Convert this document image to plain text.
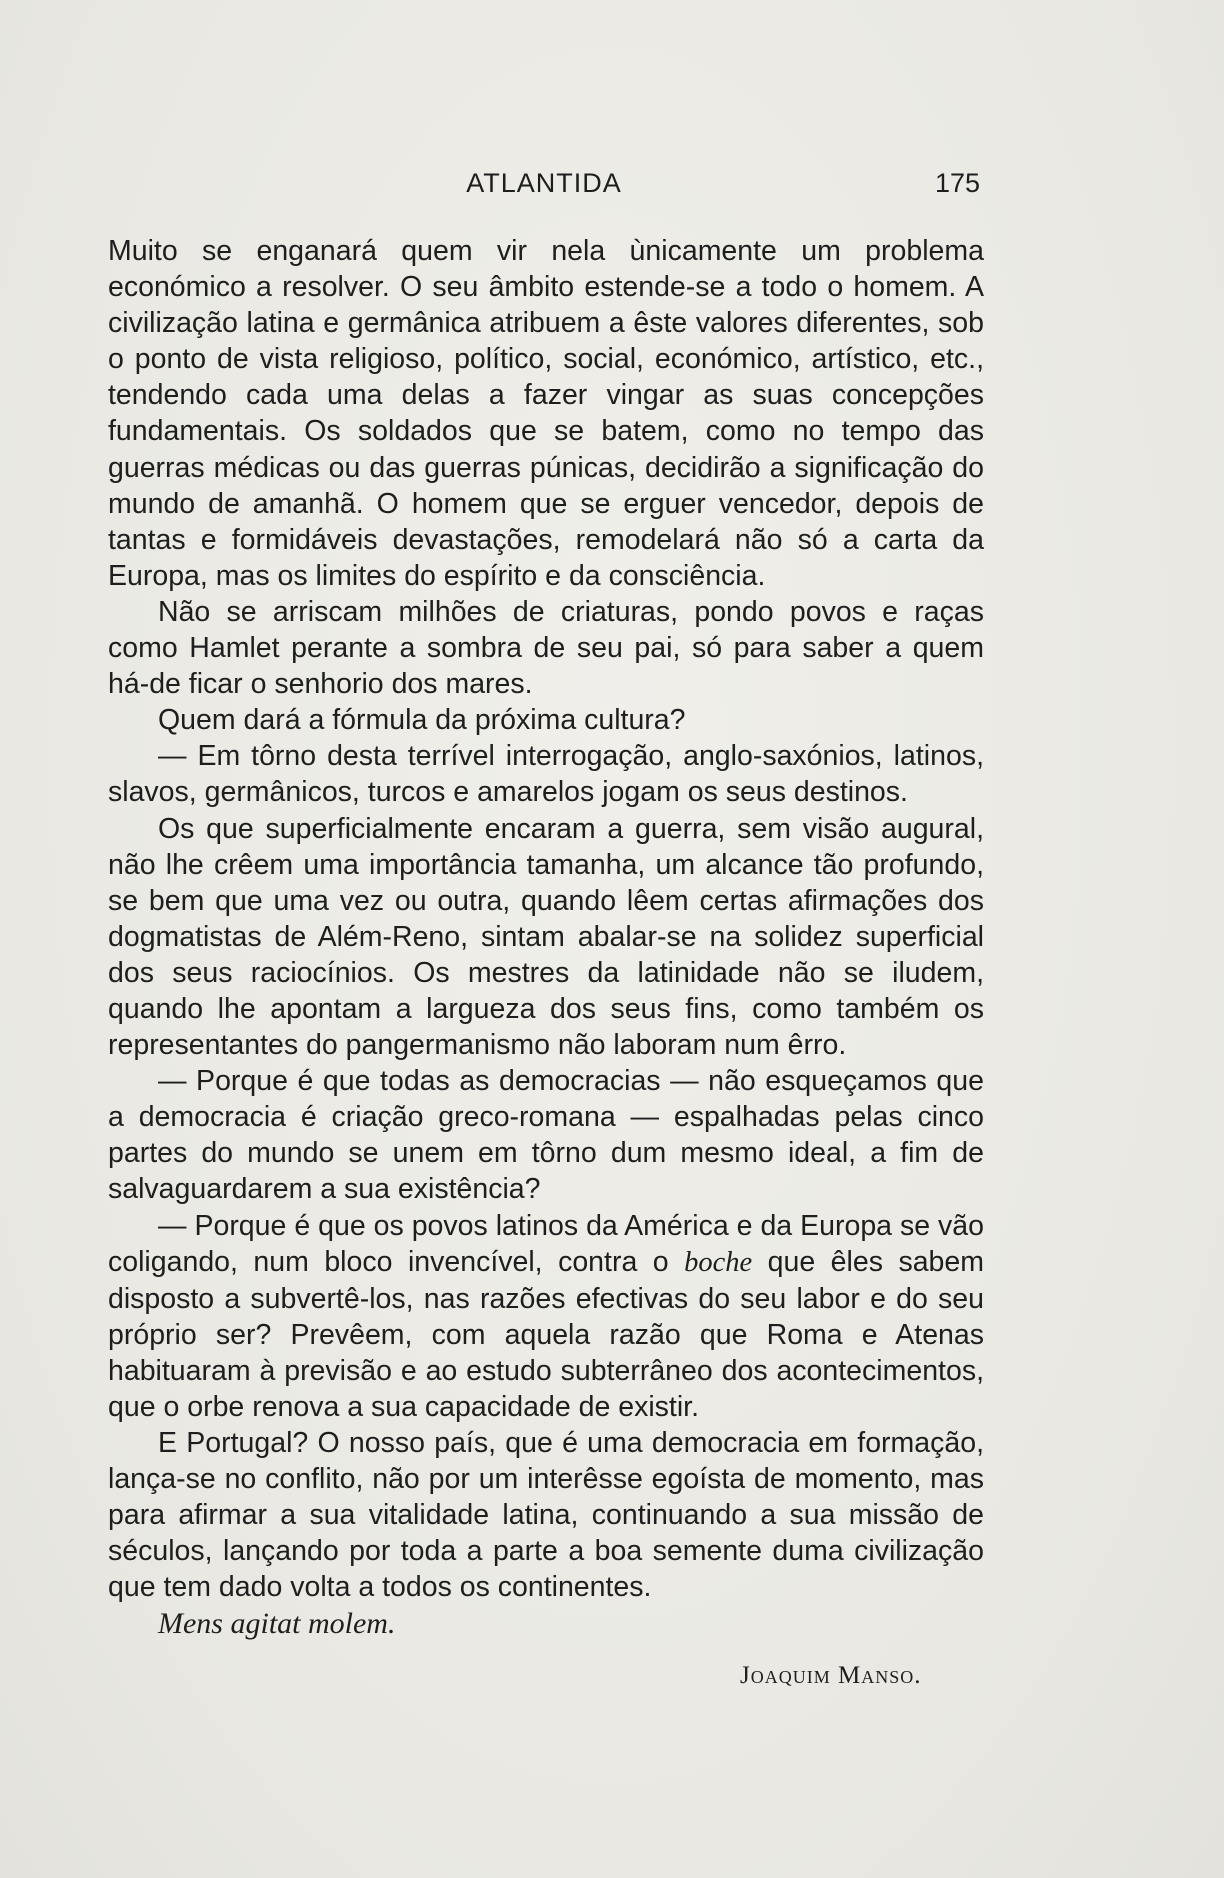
ATLANTIDA	175

Muito se enganará quem vir nela ùnicamente um problema económico a resolver. O seu âmbito estende-se a todo o homem. A civilização latina e germânica atribuem a êste valores diferentes, sob o ponto de vista religioso, político, social, económico, artístico, etc., tendendo cada uma delas a fazer vingar as suas concepções fundamentais. Os soldados que se batem, como no tempo das guerras médicas ou das guerras púnicas, decidirão a significação do mundo de amanhã. O homem que se erguer vencedor, depois de tantas e formidáveis devastações, remodelará não só a carta da Europa, mas os limites do espírito e da consciência.

Não se arriscam milhões de criaturas, pondo povos e raças como Hamlet perante a sombra de seu pai, só para saber a quem há-de ficar o senhorio dos mares.

Quem dará a fórmula da próxima cultura?

— Em tôrno desta terrível interrogação, anglo-saxónios, latinos, slavos, germânicos, turcos e amarelos jogam os seus destinos.

Os que superficialmente encaram a guerra, sem visão augural, não lhe crêem uma importância tamanha, um alcance tão profundo, se bem que uma vez ou outra, quando lêem certas afirmações dos dogmatistas de Além-Reno, sintam abalar-se na solidez superficial dos seus raciocínios. Os mestres da latinidade não se iludem, quando lhe apontam a largueza dos seus fins, como também os representantes do pangermanismo não laboram num êrro.

— Porque é que todas as democracias — não esqueçamos que a democracia é criação greco-romana — espalhadas pelas cinco partes do mundo se unem em tôrno dum mesmo ideal, a fim de salvaguardarem a sua existência?

— Porque é que os povos latinos da América e da Europa se vão coligando, num bloco invencível, contra o boche que êles sabem disposto a subvertê-los, nas razões efectivas do seu labor e do seu próprio ser? Prevêem, com aquela razão que Roma e Atenas habituaram à previsão e ao estudo subterrâneo dos acontecimentos, que o orbe renova a sua capacidade de existir.

E Portugal? O nosso país, que é uma democracia em formação, lança-se no conflito, não por um interêsse egoísta de momento, mas para afirmar a sua vitalidade latina, continuando a sua missão de séculos, lançando por toda a parte a boa semente duma civilização que tem dado volta a todos os continentes.

Mens agitat molem.

Joaquim Manso.
